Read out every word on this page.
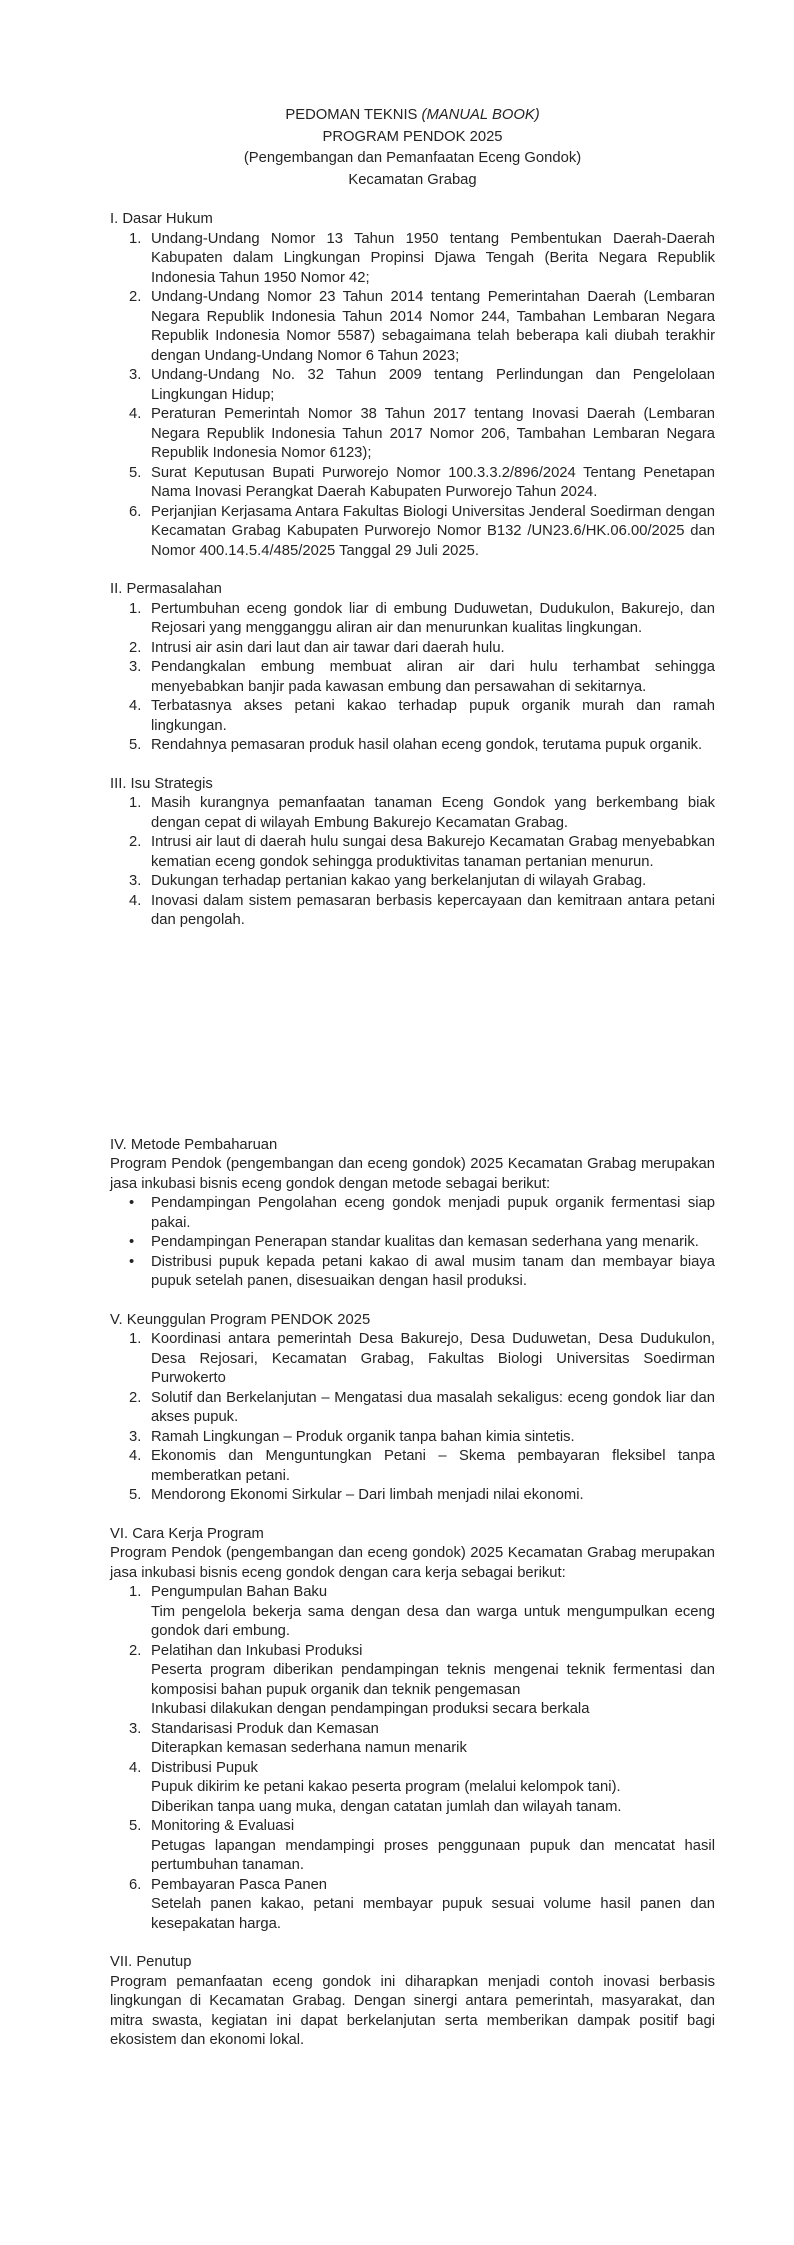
PEDOMAN TEKNIS (MANUAL BOOK)
PROGRAM PENDOK 2025
(Pengembangan dan Pemanfaatan Eceng Gondok)
Kecamatan Grabag
I. Dasar Hukum
1. Undang-Undang Nomor 13 Tahun 1950 tentang Pembentukan Daerah-Daerah Kabupaten dalam Lingkungan Propinsi Djawa Tengah (Berita Negara Republik Indonesia Tahun 1950 Nomor 42;
2. Undang-Undang Nomor 23 Tahun 2014 tentang Pemerintahan Daerah (Lembaran Negara Republik Indonesia Tahun 2014 Nomor 244, Tambahan Lembaran Negara Republik Indonesia Nomor 5587) sebagaimana telah beberapa kali diubah terakhir dengan Undang-Undang Nomor 6 Tahun 2023;
3. Undang-Undang No. 32 Tahun 2009 tentang Perlindungan dan Pengelolaan Lingkungan Hidup;
4. Peraturan Pemerintah Nomor 38 Tahun 2017 tentang Inovasi Daerah (Lembaran Negara Republik Indonesia Tahun 2017 Nomor 206, Tambahan Lembaran Negara Republik Indonesia Nomor 6123);
5. Surat Keputusan Bupati Purworejo Nomor 100.3.3.2/896/2024 Tentang Penetapan Nama Inovasi Perangkat Daerah Kabupaten Purworejo Tahun 2024.
6. Perjanjian Kerjasama Antara Fakultas Biologi Universitas Jenderal Soedirman dengan Kecamatan Grabag Kabupaten Purworejo Nomor B132 /UN23.6/HK.06.00/2025 dan Nomor 400.14.5.4/485/2025 Tanggal 29 Juli 2025.
II. Permasalahan
1. Pertumbuhan eceng gondok liar di embung Duduwetan, Dudukulon, Bakurejo, dan Rejosari yang mengganggu aliran air dan menurunkan kualitas lingkungan.
2. Intrusi air asin dari laut dan air tawar dari daerah hulu.
3. Pendangkalan embung membuat aliran air dari hulu terhambat sehingga menyebabkan banjir pada kawasan embung dan persawahan di sekitarnya.
4. Terbatasnya akses petani kakao terhadap pupuk organik murah dan ramah lingkungan.
5. Rendahnya pemasaran produk hasil olahan eceng gondok, terutama pupuk organik.
III. Isu Strategis
1. Masih kurangnya pemanfaatan tanaman Eceng Gondok yang berkembang biak dengan cepat di wilayah Embung Bakurejo Kecamatan Grabag.
2. Intrusi air laut di daerah hulu sungai desa Bakurejo Kecamatan Grabag menyebabkan kematian eceng gondok sehingga produktivitas tanaman pertanian menurun.
3. Dukungan terhadap pertanian kakao yang berkelanjutan di wilayah Grabag.
4. Inovasi dalam sistem pemasaran berbasis kepercayaan dan kemitraan antara petani dan pengolah.
IV. Metode Pembaharuan

Program Pendok (pengembangan dan eceng gondok) 2025 Kecamatan Grabag merupakan jasa inkubasi bisnis eceng gondok dengan metode sebagai berikut:

•	Pendampingan Pengolahan eceng gondok menjadi pupuk organik fermentasi siap pakai.
•	Pendampingan Penerapan standar kualitas dan kemasan sederhana yang menarik.
•	Distribusi pupuk kepada petani kakao di awal musim tanam dan membayar biaya pupuk setelah panen, disesuaikan dengan hasil produksi.
V. Keunggulan Program PENDOK 2025
1. Koordinasi antara pemerintah Desa Bakurejo, Desa Duduwetan, Desa Dudukulon, Desa Rejosari, Kecamatan Grabag, Fakultas Biologi Universitas Soedirman Purwokerto
2. Solutif dan Berkelanjutan – Mengatasi dua masalah sekaligus: eceng gondok liar dan akses pupuk.
3. Ramah Lingkungan – Produk organik tanpa bahan kimia sintetis.
4. Ekonomis dan Menguntungkan Petani – Skema pembayaran fleksibel tanpa memberatkan petani.
5. Mendorong Ekonomi Sirkular – Dari limbah menjadi nilai ekonomi.
VI. Cara Kerja Program

Program Pendok (pengembangan dan eceng gondok) 2025 Kecamatan Grabag merupakan jasa inkubasi bisnis eceng gondok dengan cara kerja sebagai berikut:

1. Pengumpulan Bahan Baku
Tim pengelola bekerja sama dengan desa dan warga untuk mengumpulkan eceng gondok dari embung.
2. Pelatihan dan Inkubasi Produksi
Peserta program diberikan pendampingan teknis mengenai teknik fermentasi dan komposisi bahan pupuk organik dan teknik pengemasan
Inkubasi dilakukan dengan pendampingan produksi secara berkala
3. Standarisasi Produk dan Kemasan
Diterapkan kemasan sederhana namun menarik
4. Distribusi Pupuk
Pupuk dikirim ke petani kakao peserta program (melalui kelompok tani).
Diberikan tanpa uang muka, dengan catatan jumlah dan wilayah tanam.
5. Monitoring & Evaluasi
Petugas lapangan mendampingi proses penggunaan pupuk dan mencatat hasil pertumbuhan tanaman.
6. Pembayaran Pasca Panen
Setelah panen kakao, petani membayar pupuk sesuai volume hasil panen dan kesepakatan harga.
VII. Penutup

Program pemanfaatan eceng gondok ini diharapkan menjadi contoh inovasi berbasis lingkungan di Kecamatan Grabag. Dengan sinergi antara pemerintah, masyarakat, dan mitra swasta, kegiatan ini dapat berkelanjutan serta memberikan dampak positif bagi ekosistem dan ekonomi lokal.
